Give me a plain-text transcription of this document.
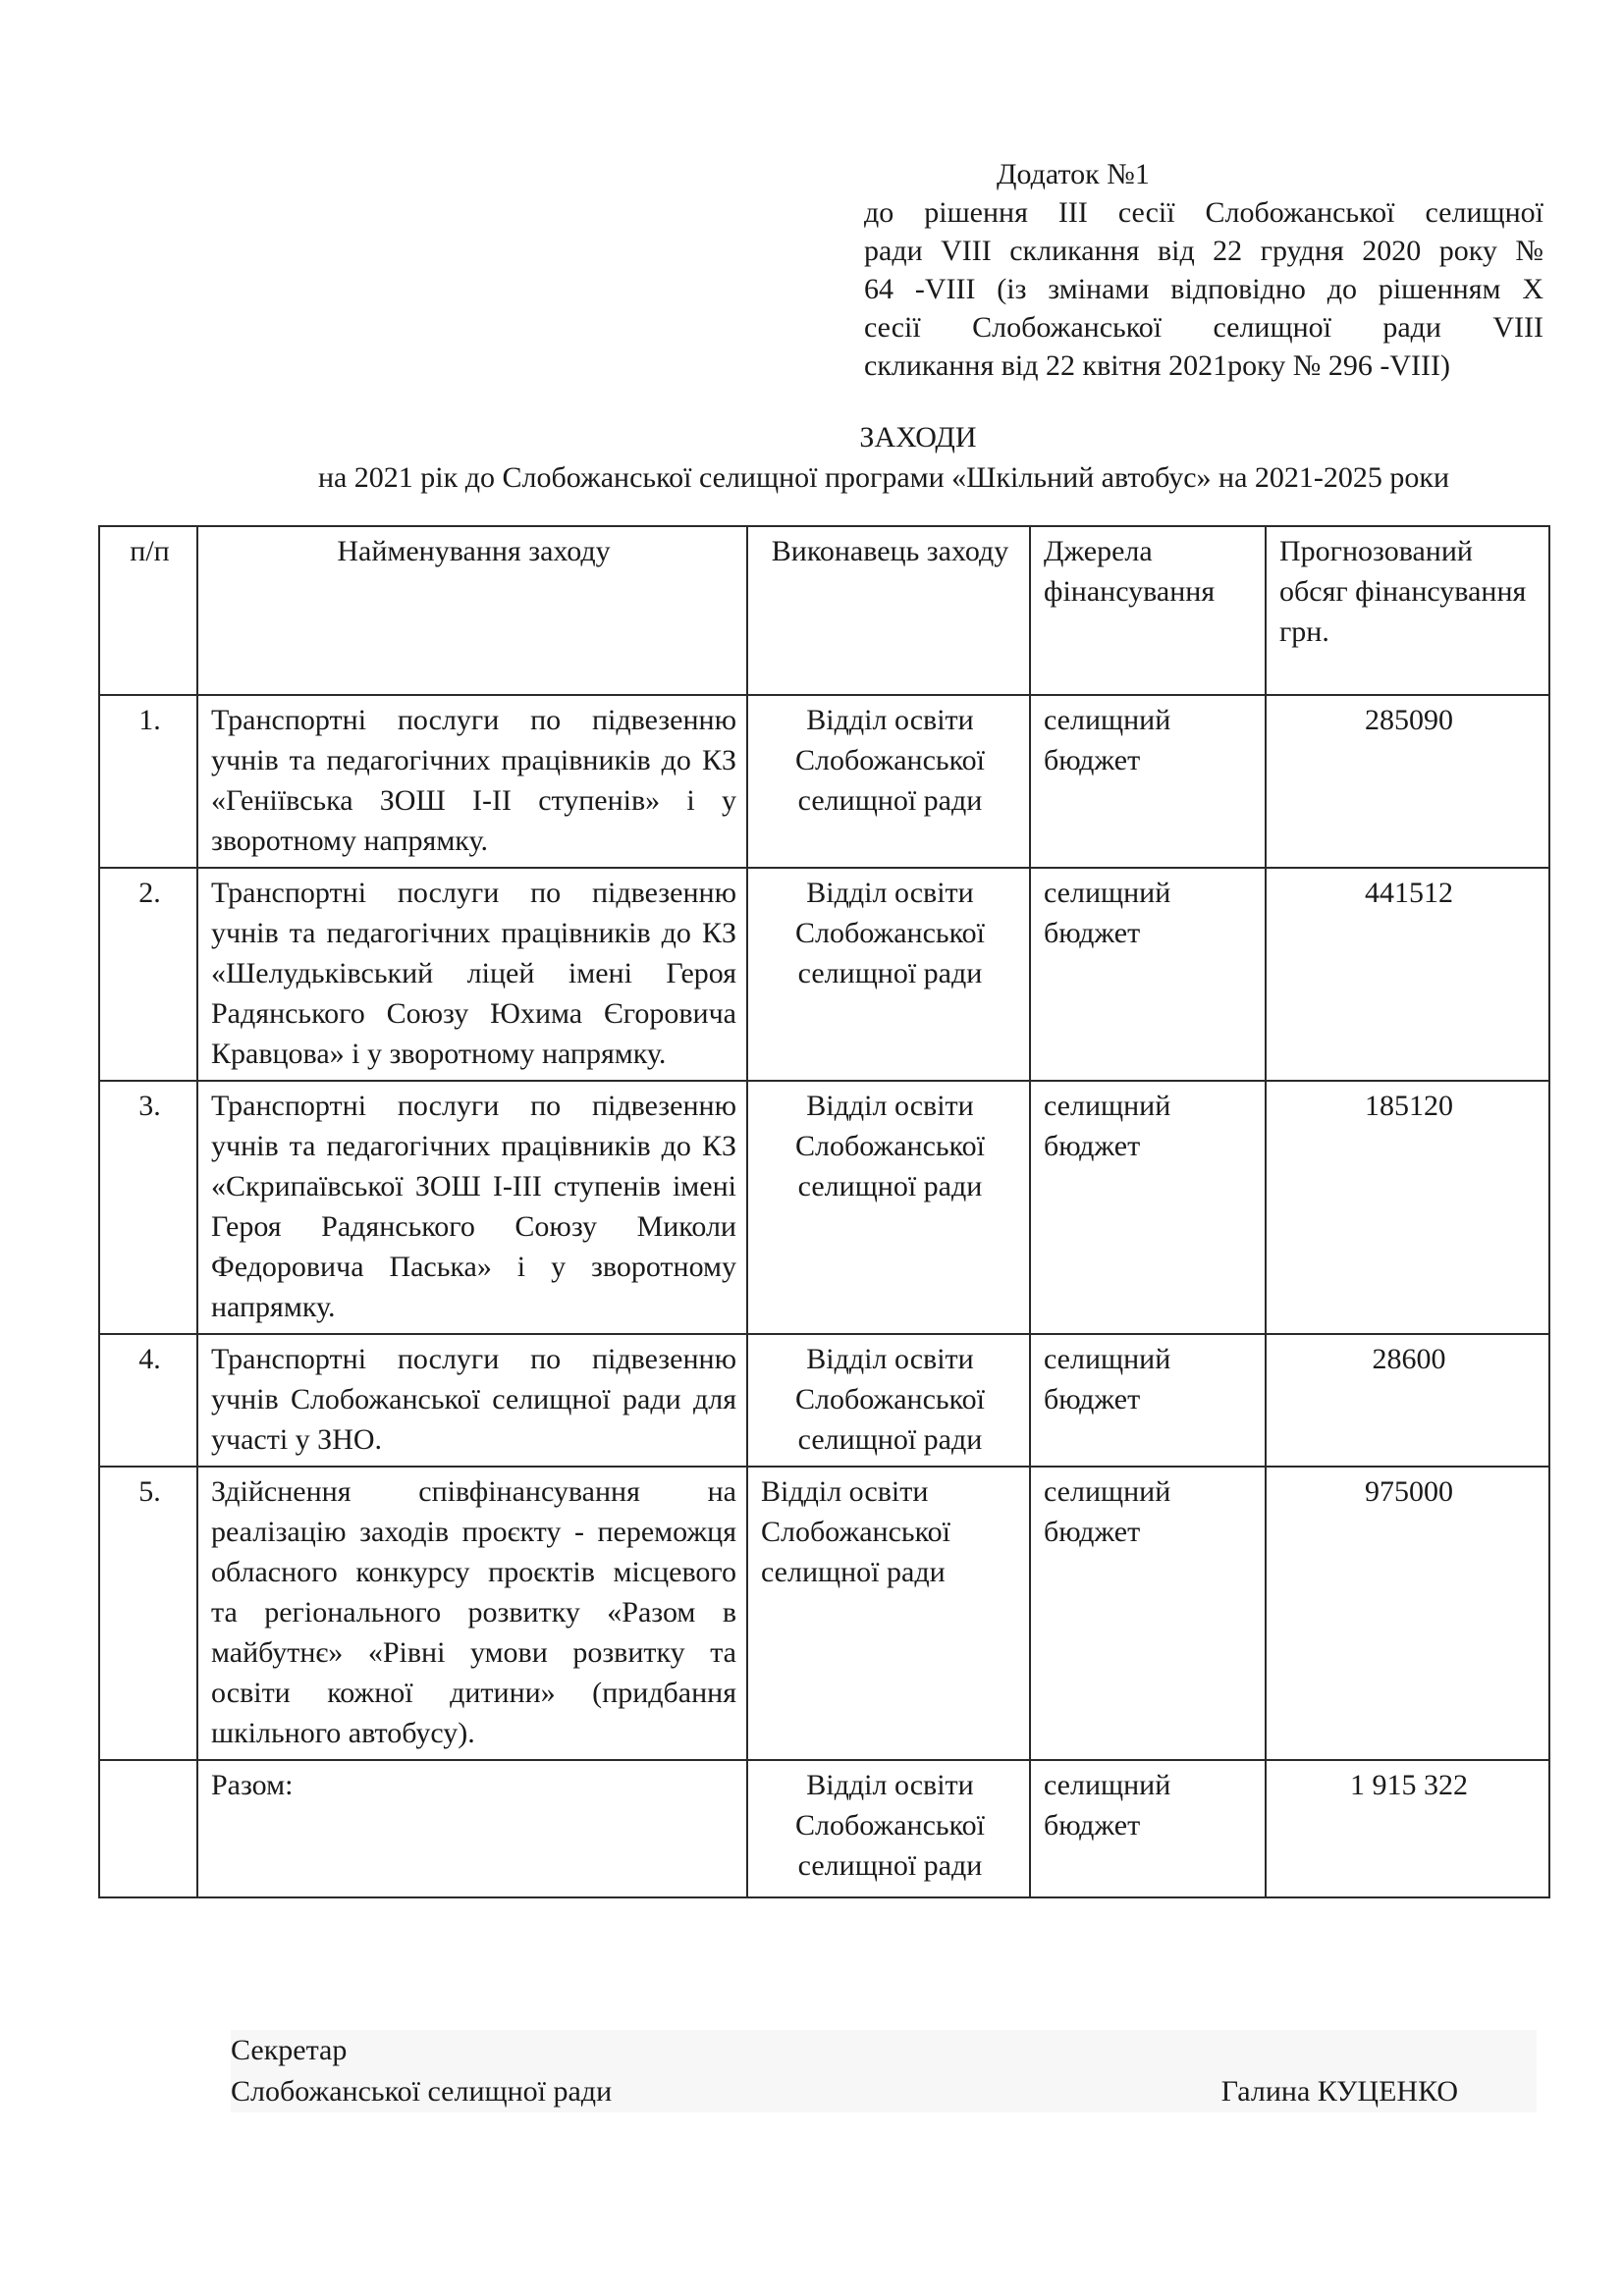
Додаток №1
до рішення ІІІ сесії Слобожанської селищної
ради VIII скликання від 22 грудня 2020 року №
64 -VIII (із змінами відповідно до рішенням Х
сесії Слобожанської селищної ради VIII
скликання від 22 квітня 2021року № 296 -VIII)
ЗАХОДИ
на 2021 рік до Слобожанської селищної програми «Шкільний автобус» на 2021-2025 роки
п/п	Найменування заходу	Виконавець заходу	Джерела фінансування	Прогнозований обсяг фінансування грн.
1.	Транспортні послуги по підвезенню учнів та педагогічних працівників до КЗ «Геніївська ЗОШ І-ІІ ступенів» і у зворотному напрямку.	Відділ освіти Слобожанської селищної ради	селищний бюджет	285090
2.	Транспортні послуги по підвезенню учнів та педагогічних працівників до КЗ «Шелудьківський ліцей імені Героя Радянського Союзу Юхима Єгоровича Кравцова» і у зворотному напрямку.	Відділ освіти Слобожанської селищної ради	селищний бюджет	441512
3.	Транспортні послуги по підвезенню учнів та педагогічних працівників до КЗ «Скрипаївської ЗОШ І-ІІІ ступенів імені Героя Радянського Союзу Миколи Федоровича Паська» і у зворотному напрямку.	Відділ освіти Слобожанської селищної ради	селищний бюджет	185120
4.	Транспортні послуги по підвезенню учнів Слобожанської селищної ради для участі у ЗНО.	Відділ освіти Слобожанської селищної ради	селищний бюджет	28600
5.	Здійснення співфінансування на реалізацію заходів проєкту - переможця обласного конкурсу проєктів місцевого та регіонального розвитку «Разом в майбутнє» «Рівні умови розвитку та освіти кожної дитини» (придбання шкільного автобусу).	Відділ освіти Слобожанської селищної ради	селищний бюджет	975000
	Разом:	Відділ освіти Слобожанської селищної ради	селищний бюджет	1 915 322
Секретар
Слобожанської селищної ради	Галина КУЦЕНКО
